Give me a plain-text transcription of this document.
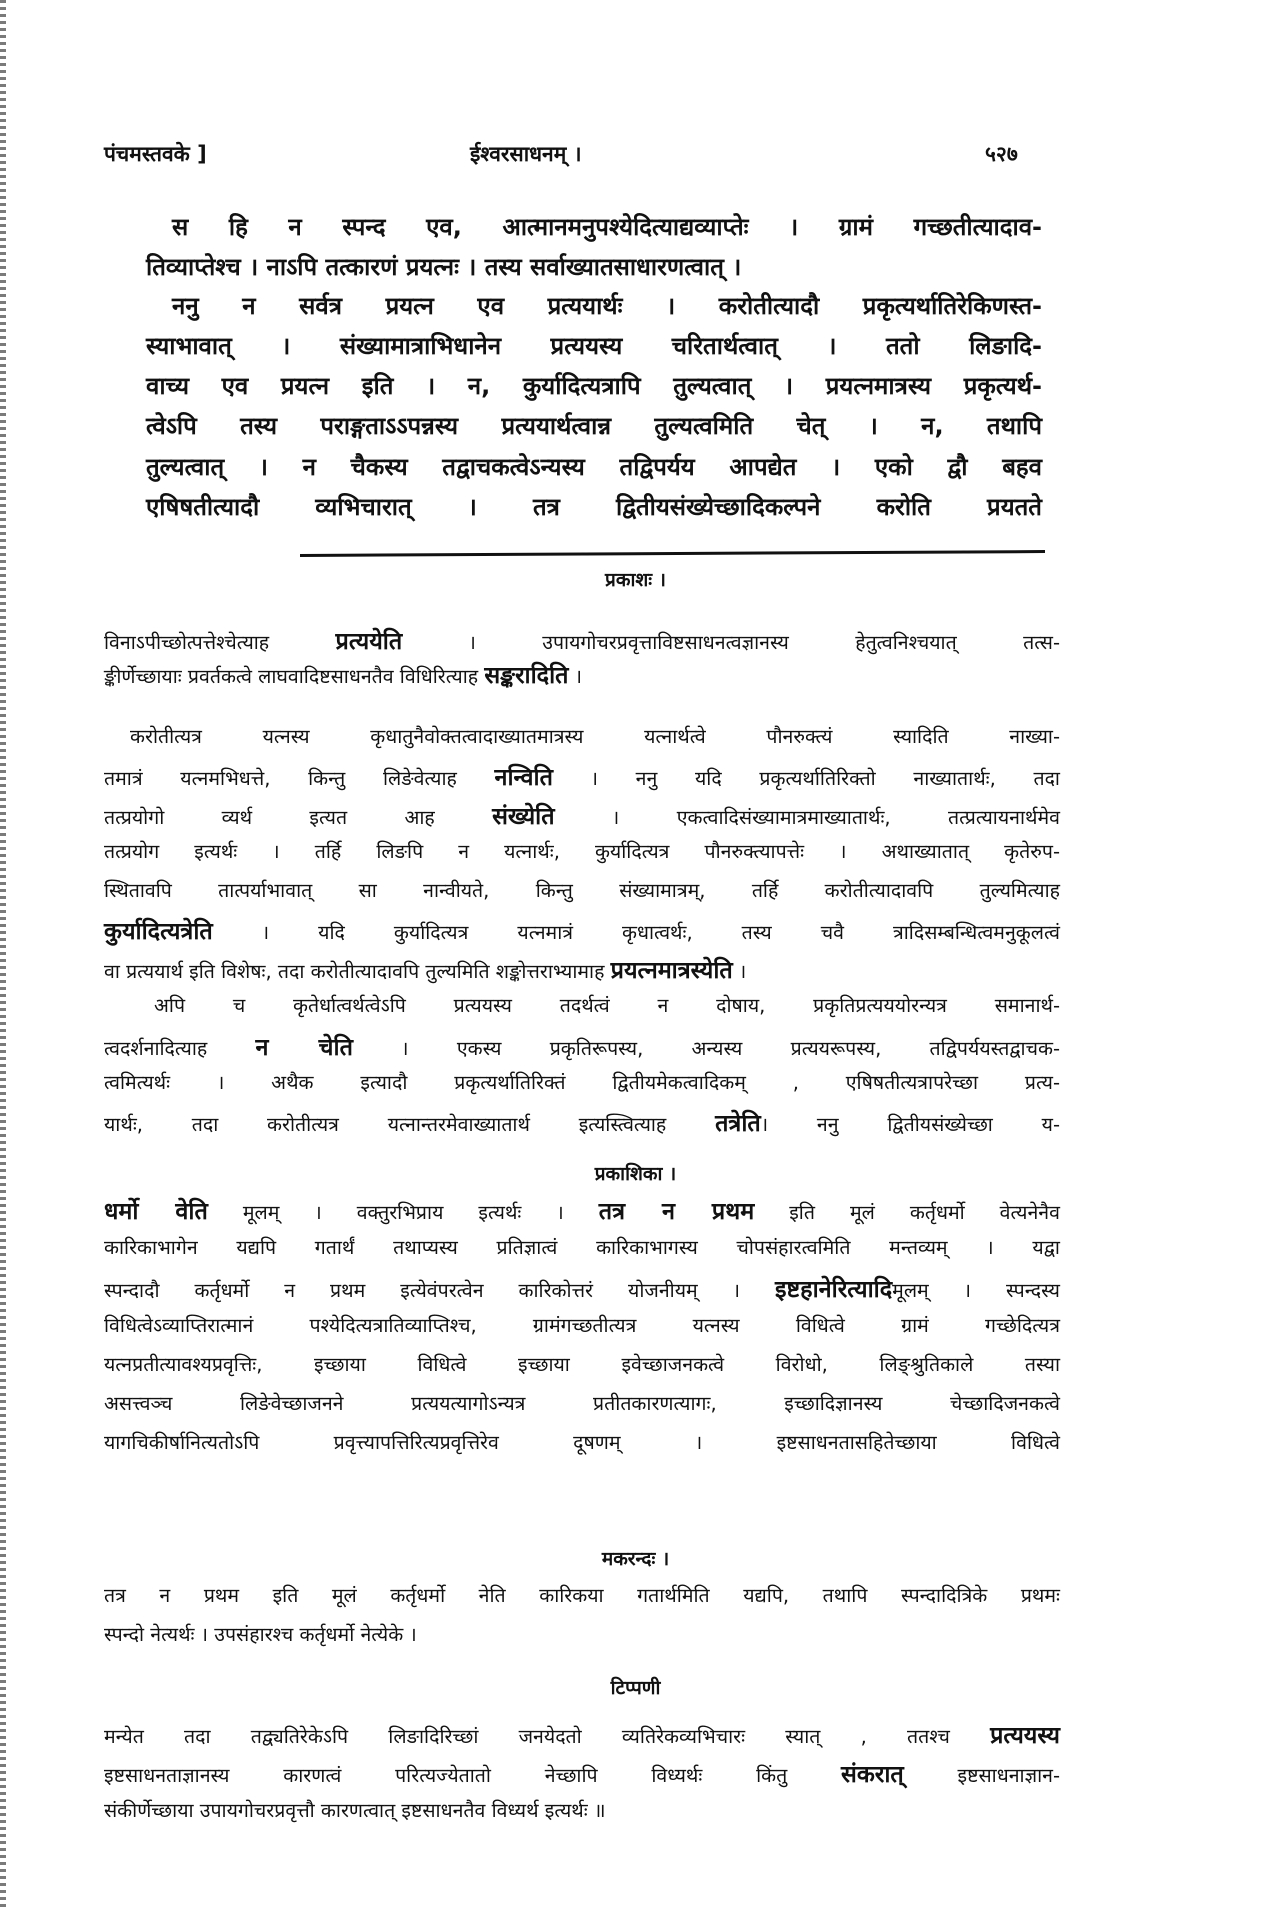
पंचमस्तवके ]	ईश्वरसाधनम् ।	५२७
स हि न स्पन्द एव, आत्मानमनुपश्येदित्याद्यव्याप्तेः । ग्रामं गच्छतीत्यादाव-
तिव्याप्तेश्च । नाऽपि तत्कारणं प्रयत्नः । तस्य सर्वाख्यातसाधारणत्वात् ।
ननु न सर्वत्र प्रयत्न एव प्रत्ययार्थः । करोतीत्यादौ प्रकृत्यर्थातिरेकिणस्त-
स्याभावात् । संख्यामात्राभिधानेन प्रत्ययस्य चरितार्थत्वात् । ततो लिङादि-
वाच्य एव प्रयत्न इति । न, कुर्यादित्यत्रापि तुल्यत्वात् । प्रयत्नमात्रस्य प्रकृत्यर्थ-
त्वेऽपि तस्य पराङ्गताऽऽपन्नस्य प्रत्ययार्थत्वान्न तुल्यत्वमिति चेत् । न, तथापि
तुल्यत्वात् । न चैकस्य तद्वाचकत्वेऽन्यस्य तद्विपर्यय आपद्येत । एको द्वौ बहव
एषिषतीत्यादौ व्यभिचारात् । तत्र द्वितीयसंख्येच्छादिकल्पने करोति प्रयतते
प्रकाशः ।
विनाऽपीच्छोत्पत्तेश्चेत्याह प्रत्ययेति । उपायगोचरप्रवृत्ताविष्टसाधनत्वज्ञानस्य हेतुत्वनिश्चयात् तत्स-
ङ्कीर्णेच्छायाः प्रवर्तकत्वे लाघवादिष्टसाधनतैव विधिरित्याह सङ्करादिति ।
करोतीत्यत्र यत्नस्य कृधातुनैवोक्तत्वादाख्यातमात्रस्य यत्नार्थत्वे पौनरुक्त्यं स्यादिति नाख्या-
तमात्रं यत्नमभिधत्ते, किन्तु लिङेवेत्याह नन्विति । ननु यदि प्रकृत्यर्थातिरिक्तो नाख्यातार्थः, तदा
तत्प्रयोगो व्यर्थ इत्यत आह संख्येति । एकत्वादिसंख्यामात्रमाख्यातार्थः, तत्प्रत्यायनार्थमेव
तत्प्रयोग इत्यर्थः । तर्हि लिङपि न यत्नार्थः, कुर्यादित्यत्र पौनरुक्त्यापत्तेः । अथाख्यातात् कृतेरुप-
स्थितावपि तात्पर्याभावात् सा नान्वीयते, किन्तु संख्यामात्रम्, तर्हि करोतीत्यादावपि तुल्यमित्याह
कुर्यादित्यत्रेति । यदि कुर्यादित्यत्र यत्नमात्रं कृधात्वर्थः, तस्य चवै त्रादिसम्बन्धित्वमनुकूलत्वं
वा प्रत्ययार्थ इति विशेषः, तदा करोतीत्यादावपि तुल्यमिति शङ्कोत्तराभ्यामाह प्रयत्नमात्रस्येति ।
अपि च कृतेर्धात्वर्थत्वेऽपि प्रत्ययस्य तदर्थत्वं न दोषाय, प्रकृतिप्रत्यययोरन्यत्र समानार्थ-
त्वदर्शनादित्याह न चेति । एकस्य प्रकृतिरूपस्य, अन्यस्य प्रत्ययरूपस्य, तद्विपर्ययस्तद्वाचक-
त्वमित्यर्थः । अथैक इत्यादौ प्रकृत्यर्थातिरिक्तं द्वितीयमेकत्वादिकम् , एषिषतीत्यत्रापरेच्छा प्रत्य-
यार्थः, तदा करोतीत्यत्र यत्नान्तरमेवाख्यातार्थ इत्यस्त्वित्याह तत्रेति। ननु द्वितीयसंख्येच्छा य-
प्रकाशिका ।
धर्मो वेति मूलम् । वक्तुरभिप्राय इत्यर्थः । तत्र न प्रथम इति मूलं कर्तृधर्मो वेत्यनेनैव
कारिकाभागेन यद्यपि गतार्थं तथाप्यस्य प्रतिज्ञात्वं कारिकाभागस्य चोपसंहारत्वमिति मन्तव्यम् । यद्वा
स्पन्दादौ कर्तृधर्मो न प्रथम इत्येवंपरत्वेन कारिकोत्तरं योजनीयम् । इष्टहानेरित्यादिमूलम् । स्पन्दस्य
विधित्वेऽव्याप्तिरात्मानं पश्येदित्यत्रातिव्याप्तिश्च, ग्रामंगच्छतीत्यत्र यत्नस्य विधित्वे ग्रामं गच्छेदित्यत्र
यत्नप्रतीत्यावश्यप्रवृत्तिः, इच्छाया विधित्वे इच्छाया इवेच्छाजनकत्वे विरोधो, लिङ्श्रुतिकाले तस्या
असत्त्वञ्च लिङेवेच्छाजनने प्रत्ययत्यागोऽन्यत्र प्रतीतकारणत्यागः, इच्छादिज्ञानस्य चेच्छादिजनकत्वे
यागचिकीर्षानित्यतोऽपि प्रवृत्त्यापत्तिरित्यप्रवृत्तिरेव दूषणम् । इष्टसाधनतासहितेच्छाया विधित्वे
मकरन्दः ।
तत्र न प्रथम इति मूलं कर्तृधर्मो नेति कारिकया गतार्थमिति यद्यपि, तथापि स्पन्दादित्रिके प्रथमः
स्पन्दो नेत्यर्थः । उपसंहारश्च कर्तृधर्मो नेत्येके ।
टिप्पणी
मन्येत तदा तद्व्यतिरेकेऽपि लिङादिरिच्छां जनयेदतो व्यतिरेकव्यभिचारः स्यात् , ततश्च प्रत्ययस्य
इष्टसाधनताज्ञानस्य कारणत्वं परित्यज्येतातो नेच्छापि विध्यर्थः किंतु संकरात् इष्टसाधनाज्ञान-
संकीर्णेच्छाया उपायगोचरप्रवृत्तौ कारणत्वात् इष्टसाधनतैव विध्यर्थ इत्यर्थः ॥
